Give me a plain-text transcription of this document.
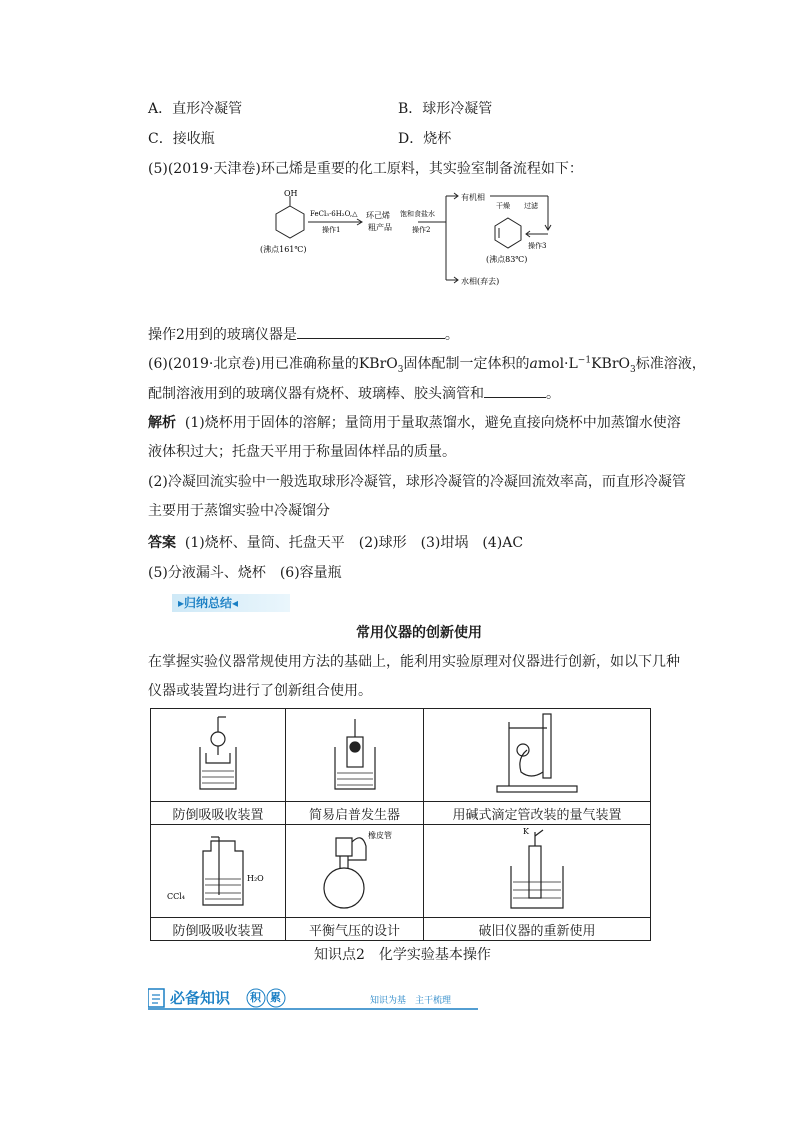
A．直形冷凝管	B．球形冷凝管
C．接收瓶	D．烧杯
(5)(2019·天津卷)环己烯是重要的化工原料，其实验室制备流程如下：
OH
FeCl₃·6H₂O,△
操作1
(沸点161℃)
环己烯
粗产品
饱和食盐水
操作2
有机相
干燥 过滤
操作3
(沸点83℃)
水相(弃去)
操作2用到的玻璃仪器是	。
(6)(2019·北京卷)用已准确称量的KBrO$_3$固体配制一定体积的$amol\cdot L^{-1}KBrO_3$标准溶液，
配制溶液用到的玻璃仪器有烧杯、玻璃棒、胶头滴管和	。
解析 (1)烧杯用于固体的溶解；量筒用于量取蒸馏水，避免直接向烧杯中加蒸馏水使溶
液体积过大；托盘天平用于称量固体样品的质量。
(2)冷凝回流实验中一般选取球形冷凝管，球形冷凝管的冷凝回流效率高，而直形冷凝管
主要用于蒸馏实验中冷凝馏分
答案 (1)烧杯、量筒、托盘天平　(2)球形　(3)坩埚　(4)AC
(5)分液漏斗、烧杯　(6)容量瓶
▸归纳总结◂
常用仪器的创新使用
在掌握实验仪器常规使用方法的基础上，能利用实验原理对仪器进行创新，如以下几种
仪器或装置均进行了创新组合使用。

防倒吸吸收装置	简易启普发生器	用碱式滴定管改装的量气装置

CCl₄
H₂O	橡皮管	K

防倒吸吸收装置	平衡气压的设计	破旧仪器的重新使用
知识点2　化学实验基本操作
必备知识 积 累	知识为基　主干梳理
